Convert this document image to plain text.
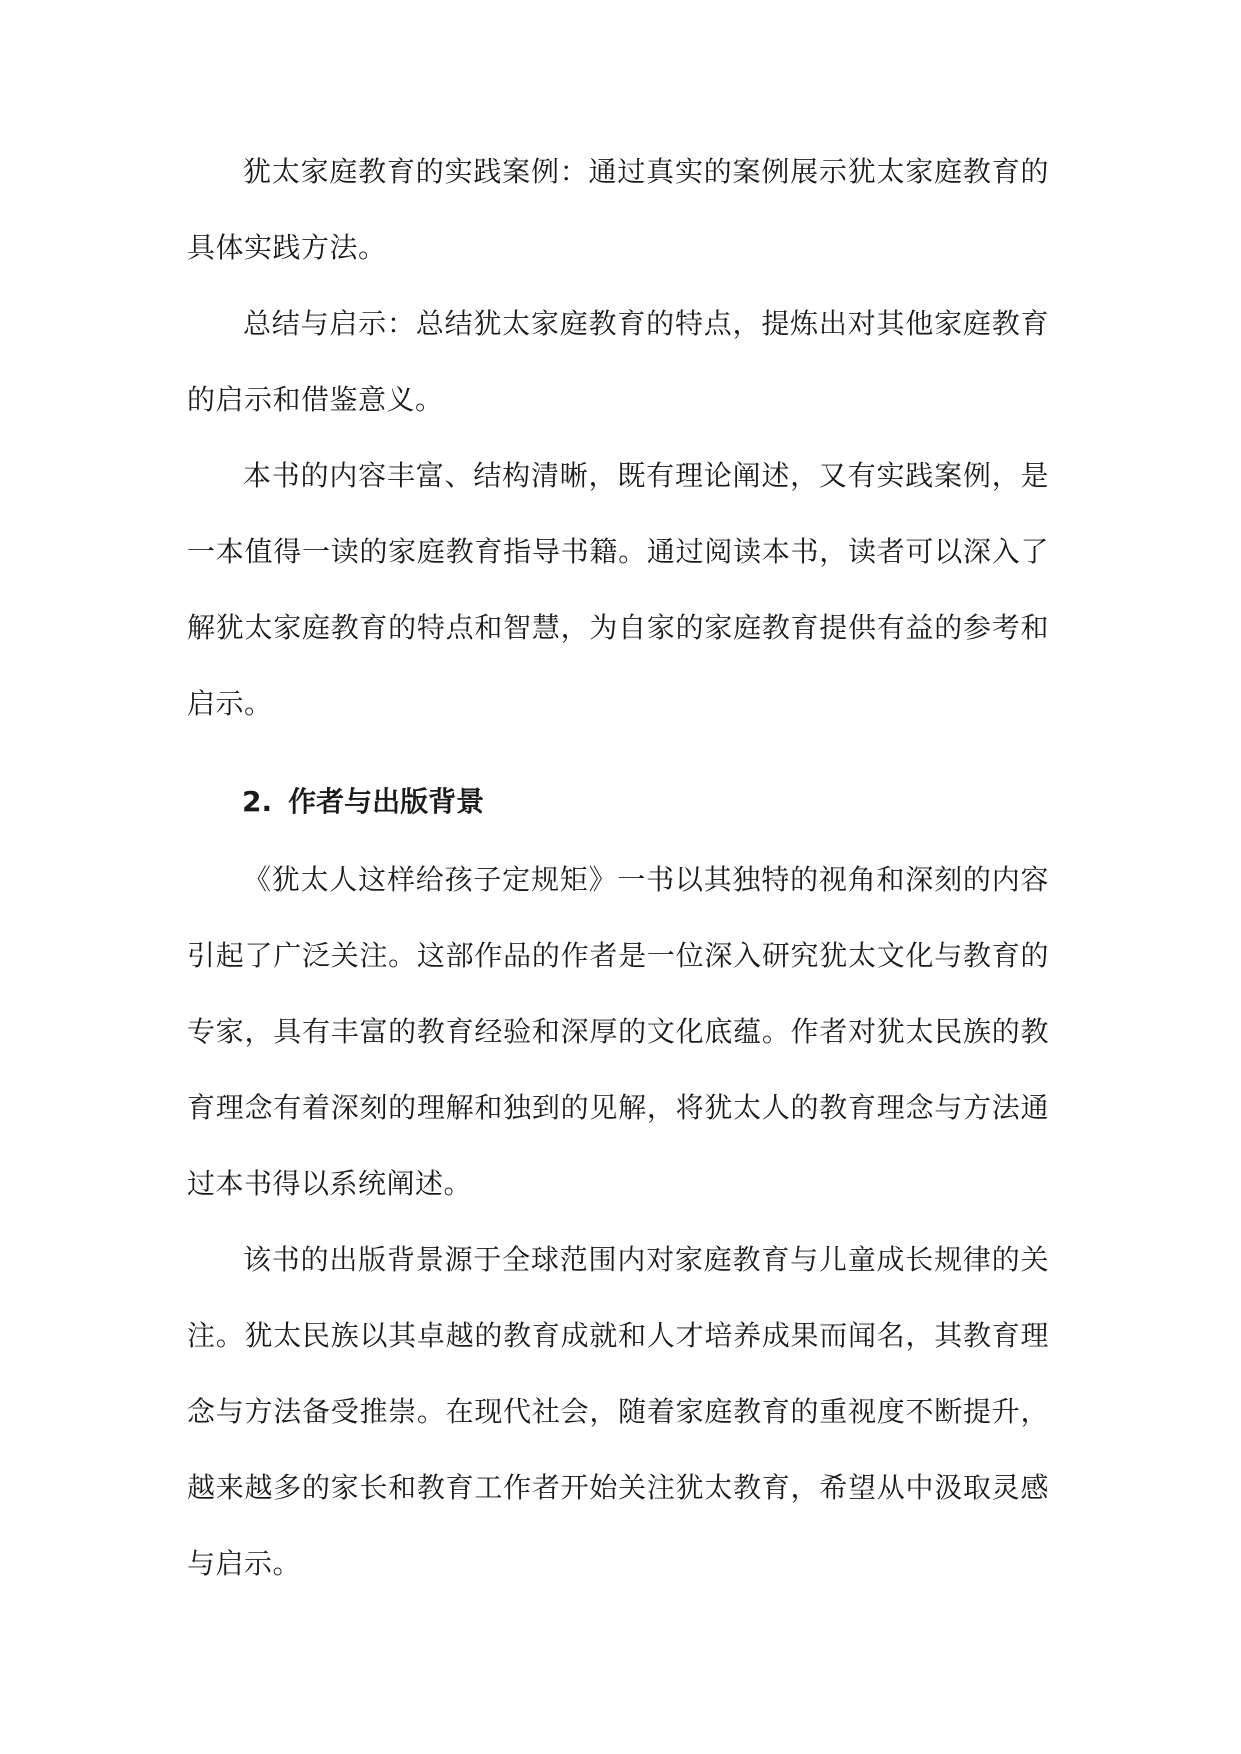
犹太家庭教育的实践案例：通过真实的案例展示犹太家庭教育的具体实践方法。

总结与启示：总结犹太家庭教育的特点，提炼出对其他家庭教育的启示和借鉴意义。

本书的内容丰富、结构清晰，既有理论阐述，又有实践案例，是一本值得一读的家庭教育指导书籍。通过阅读本书，读者可以深入了解犹太家庭教育的特点和智慧，为自家的家庭教育提供有益的参考和启示。

2. 作者与出版背景

《犹太人这样给孩子定规矩》一书以其独特的视角和深刻的内容引起了广泛关注。这部作品的作者是一位深入研究犹太文化与教育的专家，具有丰富的教育经验和深厚的文化底蕴。作者对犹太民族的教育理念有着深刻的理解和独到的见解，将犹太人的教育理念与方法通过本书得以系统阐述。

该书的出版背景源于全球范围内对家庭教育与儿童成长规律的关注。犹太民族以其卓越的教育成就和人才培养成果而闻名，其教育理念与方法备受推崇。在现代社会，随着家庭教育的重视度不断提升，越来越多的家长和教育工作者开始关注犹太教育，希望从中汲取灵感与启示。
